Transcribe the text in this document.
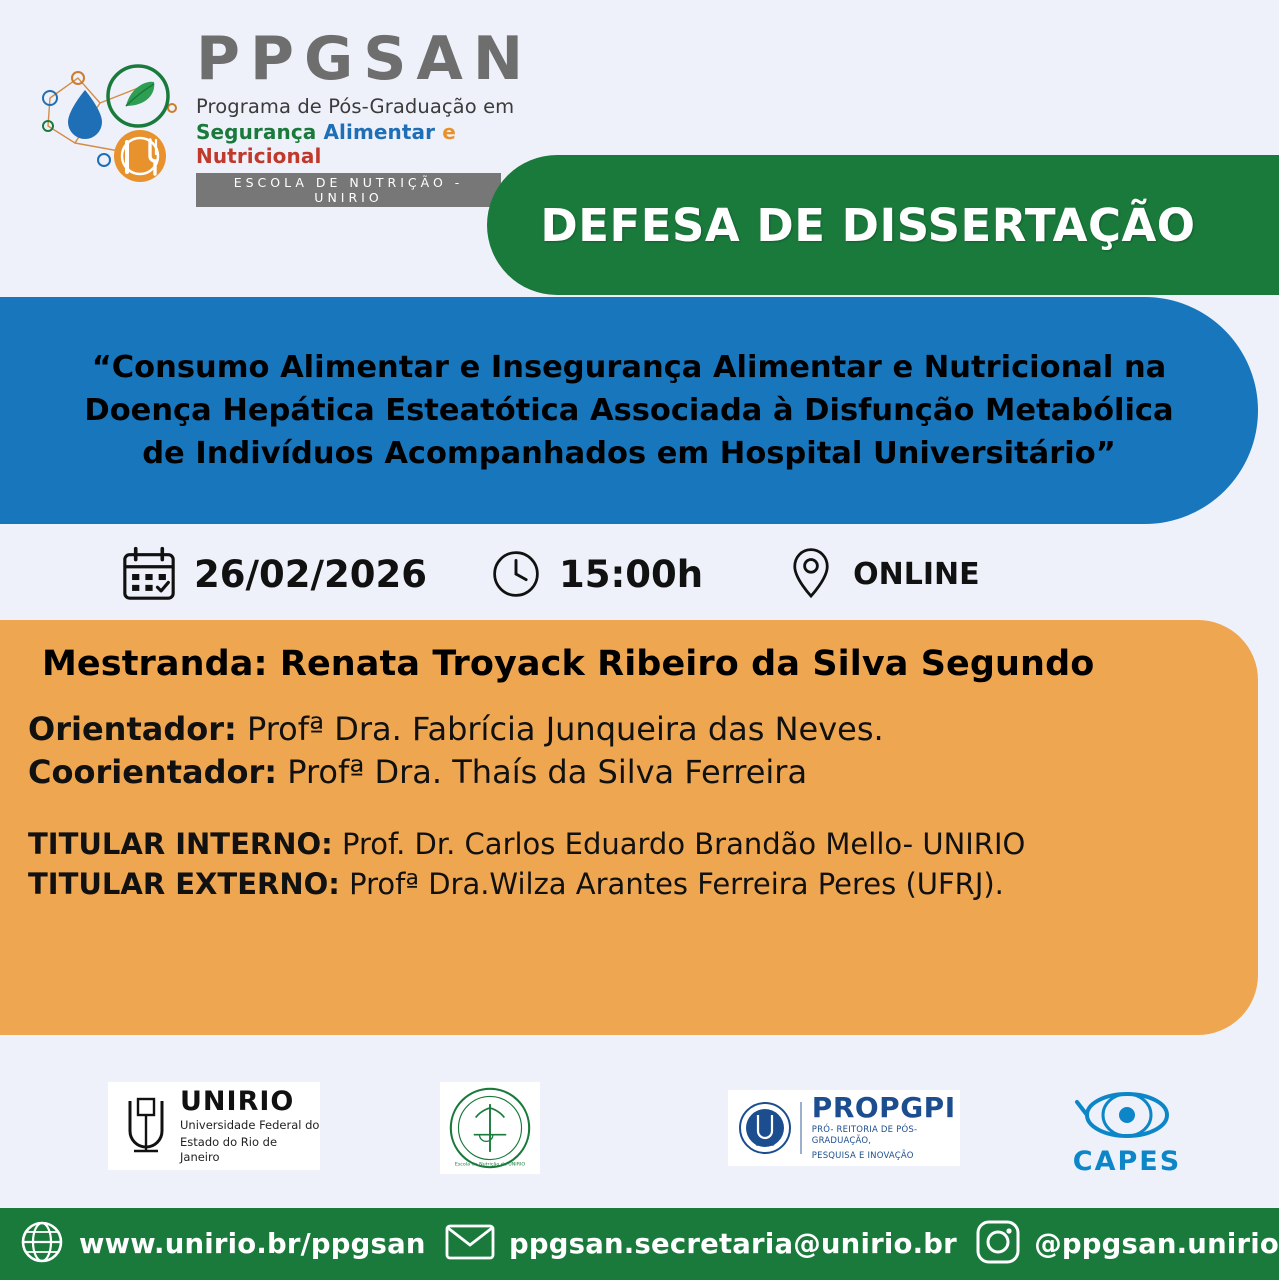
PPGSAN
Programa de Pós-Graduação em
Segurança Alimentar e Nutricional
ESCOLA DE NUTRIÇÃO - UNIRIO
DEFESA DE DISSERTAÇÃO
“Consumo Alimentar e Insegurança Alimentar e Nutricional na
Doença Hepática Esteatótica Associada à Disfunção Metabólica
de Indivíduos Acompanhados em Hospital Universitário”
26/02/2026	15:00h	ONLINE
Mestranda: Renata Troyack Ribeiro da Silva Segundo
Orientador: Profª Dra. Fabrícia Junqueira das Neves.
Coorientador: Profª Dra. Thaís da Silva Ferreira
TITULAR INTERNO: Prof. Dr. Carlos Eduardo Brandão Mello- UNIRIO
TITULAR EXTERNO: Profª Dra.Wilza Arantes Ferreira Peres (UFRJ).
UNIRIO
Universidade Federal do
Estado do Rio de Janeiro
Escola de Nutrição da UNIRIO
UNIRIO
PROPGPI
PRÓ- REITORIA DE PÓS-GRADUAÇÃO,
PESQUISA E INOVAÇÃO	CAPES
www.unirio.br/ppgsan	ppgsan.secretaria@unirio.br	@ppgsan.unirio
